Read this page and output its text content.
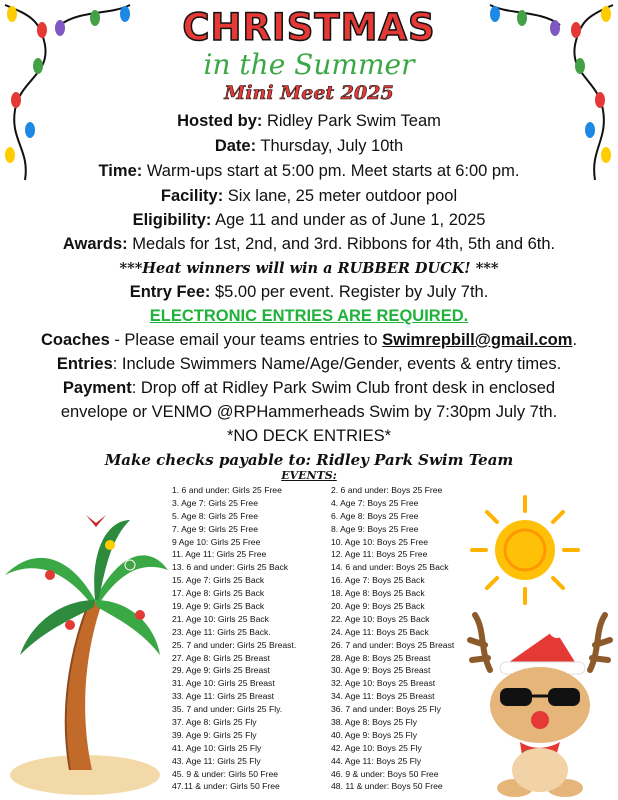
CHRISTMAS
in the Summer
Mini Meet 2025
Hosted by: Ridley Park Swim Team
Date: Thursday, July 10th
Time: Warm-ups start at 5:00 pm. Meet starts at 6:00 pm.
Facility: Six lane, 25 meter outdoor pool
Eligibility: Age 11 and under as of June 1, 2025
Awards: Medals for 1st, 2nd, and 3rd. Ribbons for 4th, 5th and 6th.
***Heat winners will win a RUBBER DUCK! ***
Entry Fee: $5.00 per event. Register by July 7th.
ELECTRONIC ENTRIES ARE REQUIRED.
Coaches - Please email your teams entries to Swimrepbill@gmail.com.
Entries: Include Swimmers Name/Age/Gender, events & entry times.
Payment: Drop off at Ridley Park Swim Club front desk in enclosed
envelope or VENMO @RPHammerheads Swim by 7:30pm July 7th.
*NO DECK ENTRIES*
Make checks payable to: Ridley Park Swim Team
EVENTS:
1. 6 and under: Girls 25 Free
3. Age 7: Girls 25 Free
5. Age 8: Girls 25 Free
7. Age 9: Girls 25 Free
9 Age 10: Girls 25 Free
11. Age 11: Girls 25 Free
13. 6 and under: Girls 25 Back
15. Age 7: Girls 25 Back
17. Age 8: Girls 25 Back
19. Age 9: Girls 25 Back
21. Age 10: Girls 25 Back
23. Age 11: Girls 25 Back.
25. 7 and under: Girls 25 Breast.
27. Age 8: Girls 25 Breast
29. Age 9: Girls 25 Breast
31. Age 10: Girls 25 Breast
33. Age 11: Girls 25 Breast
35. 7 and under: Girls 25 Fly.
37. Age 8: Girls 25 Fly
39. Age 9: Girls 25 Fly
41. Age 10: Girls 25 Fly
43. Age 11: Girls 25 Fly
45. 9 & under: Girls 50 Free
47.11 & under: Girls 50 Free
2. 6 and under: Boys 25 Free
4. Age 7: Boys 25 Free
6. Age 8: Boys 25 Free
8. Age 9: Boys 25 Free
10. Age 10: Boys 25 Free
12. Age 11: Boys 25 Free
14. 6 and under: Boys 25 Back
16. Age 7: Boys 25 Back
18. Age 8: Boys 25 Back
20. Age 9: Boys 25 Back
22. Age 10: Boys 25 Back
24. Age 11: Boys 25 Back
26. 7 and under: Boys 25 Breast
28. Age 8: Boys 25 Breast
30. Age 9: Boys 25 Breast
32. Age 10: Boys 25 Breast
34. Age 11: Boys 25 Breast
36. 7 and under: Boys 25 Fly
38. Age 8: Boys 25 Fly
40. Age 9: Boys 25 Fly
42. Age 10: Boys 25 Fly
44. Age 11: Boys 25 Fly
46. 9 & under: Boys 50 Free
48. 11 & under: Boys 50 Free
